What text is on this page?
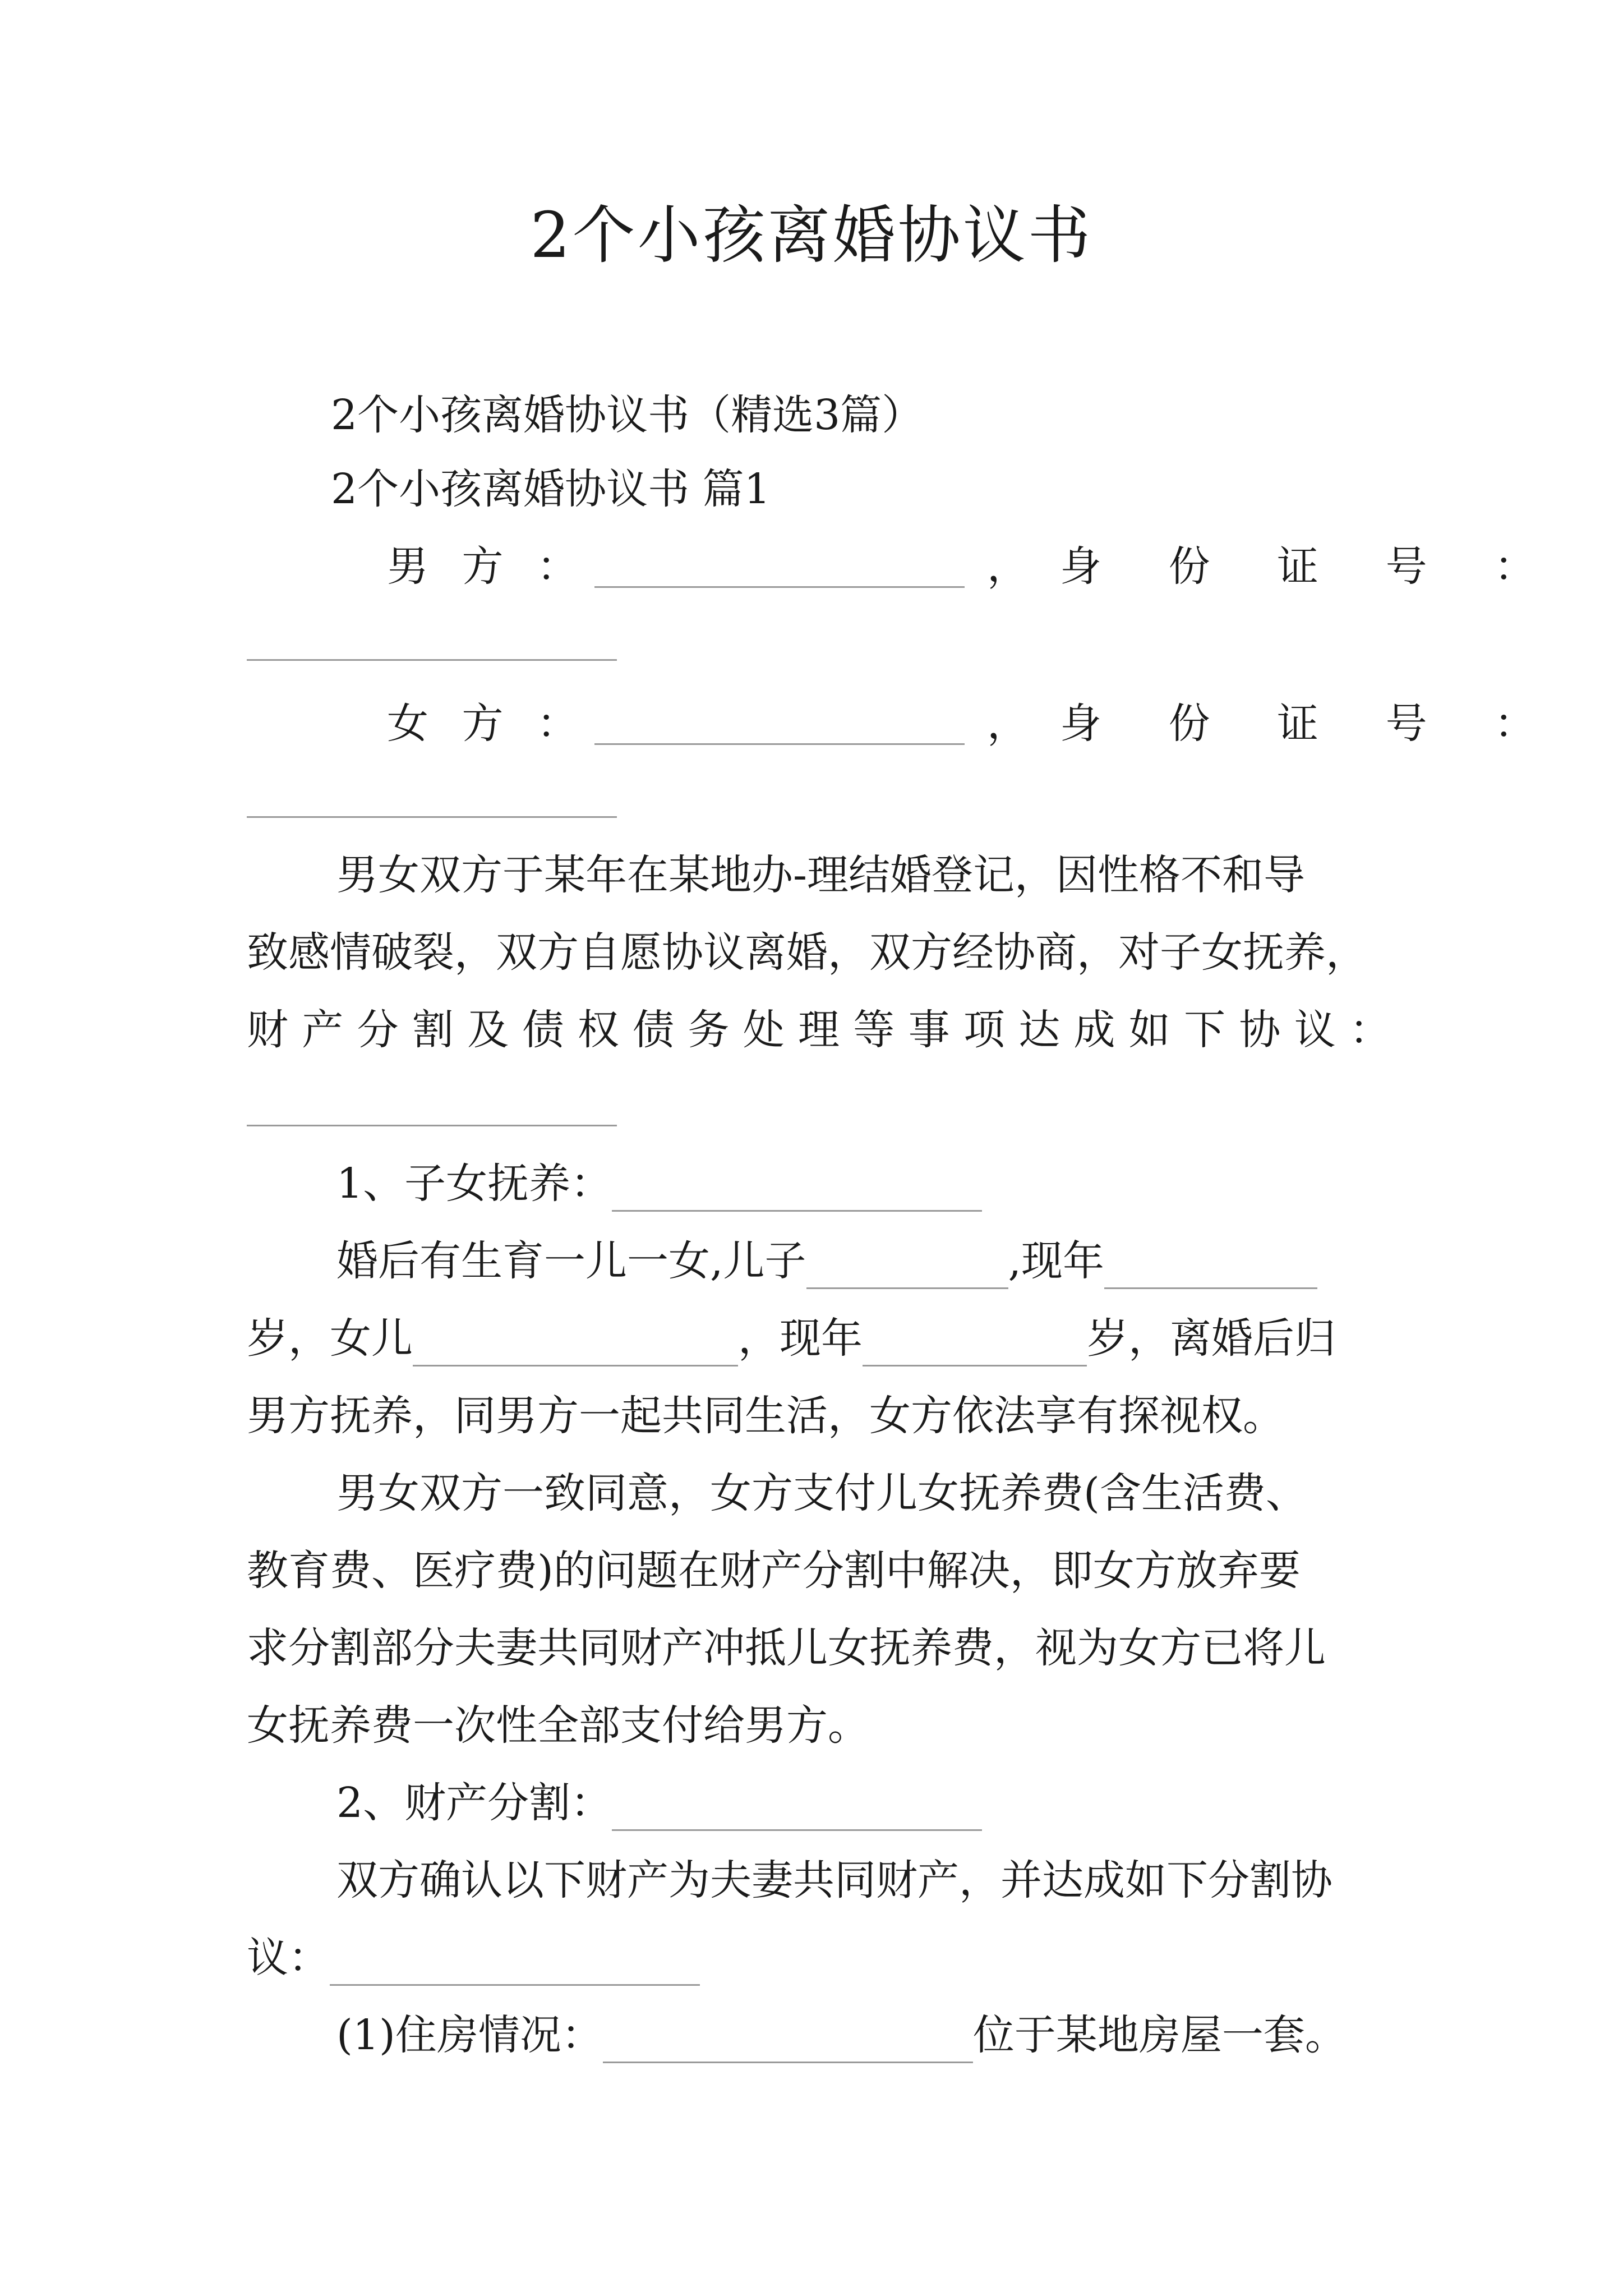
2个小孩离婚协议书
2个小孩离婚协议书（精选3篇）
2个小孩离婚协议书 篇1
男 方 ：	， 身 份 证 号 ：
女 方 ：	， 身 份 证 号 ：
男女双方于某年在某地办-理结婚登记，因性格不和导
致感情破裂，双方自愿协议离婚，双方经协商，对子女抚养，
财产分割及债权债务处理等事项达成如下协议：
1、子女抚养：
婚后有生育一儿一女,儿子	,现年
岁，女儿	，现年	岁，离婚后归
男方抚养，同男方一起共同生活，女方依法享有探视权。
男女双方一致同意，女方支付儿女抚养费(含生活费、
教育费、医疗费)的问题在财产分割中解决，即女方放弃要
求分割部分夫妻共同财产冲抵儿女抚养费，视为女方已将儿
女抚养费一次性全部支付给男方。
2、财产分割：
双方确认以下财产为夫妻共同财产，并达成如下分割协
议：
(1)住房情况：	位于某地房屋一套。
